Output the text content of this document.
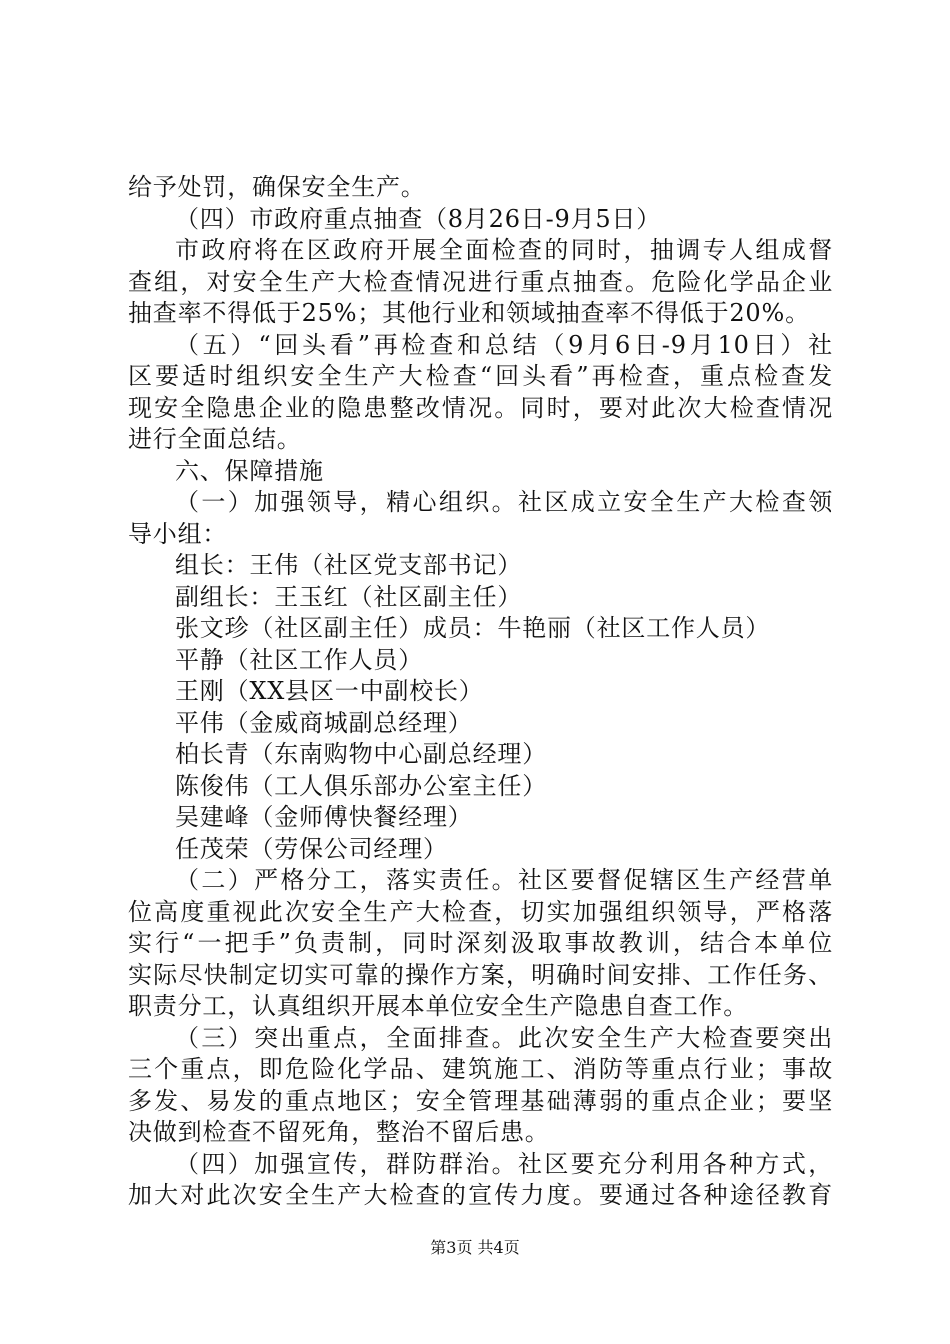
给予处罚，确保安全生产。
（四）市政府重点抽查（8月26日-9月5日）
市政府将在区政府开展全面检查的同时，抽调专人组成督
查组，对安全生产大检查情况进行重点抽查。危险化学品企业
抽查率不得低于25%；其他行业和领域抽查率不得低于20%。
（五）“回头看”再检查和总结（9月6日-9月10日）社
区要适时组织安全生产大检查“回头看”再检查，重点检查发
现安全隐患企业的隐患整改情况。同时，要对此次大检查情况
进行全面总结。
六、保障措施
（一）加强领导，精心组织。社区成立安全生产大检查领
导小组：
组长：王伟（社区党支部书记）
副组长：王玉红（社区副主任）
张文珍（社区副主任）成员：牛艳丽（社区工作人员）
平静（社区工作人员）
王刚（XX县区一中副校长）
平伟（金威商城副总经理）
柏长青（东南购物中心副总经理）
陈俊伟（工人俱乐部办公室主任）
吴建峰（金师傅快餐经理）
任茂荣（劳保公司经理）
（二）严格分工，落实责任。社区要督促辖区生产经营单
位高度重视此次安全生产大检查，切实加强组织领导，严格落
实行“一把手”负责制，同时深刻汲取事故教训，结合本单位
实际尽快制定切实可靠的操作方案，明确时间安排、工作任务、
职责分工，认真组织开展本单位安全生产隐患自查工作。
（三）突出重点，全面排查。此次安全生产大检查要突出
三个重点，即危险化学品、建筑施工、消防等重点行业；事故
多发、易发的重点地区；安全管理基础薄弱的重点企业；要坚
决做到检查不留死角，整治不留后患。
（四）加强宣传，群防群治。社区要充分利用各种方式，
加大对此次安全生产大检查的宣传力度。要通过各种途径教育
第3页 共4页
